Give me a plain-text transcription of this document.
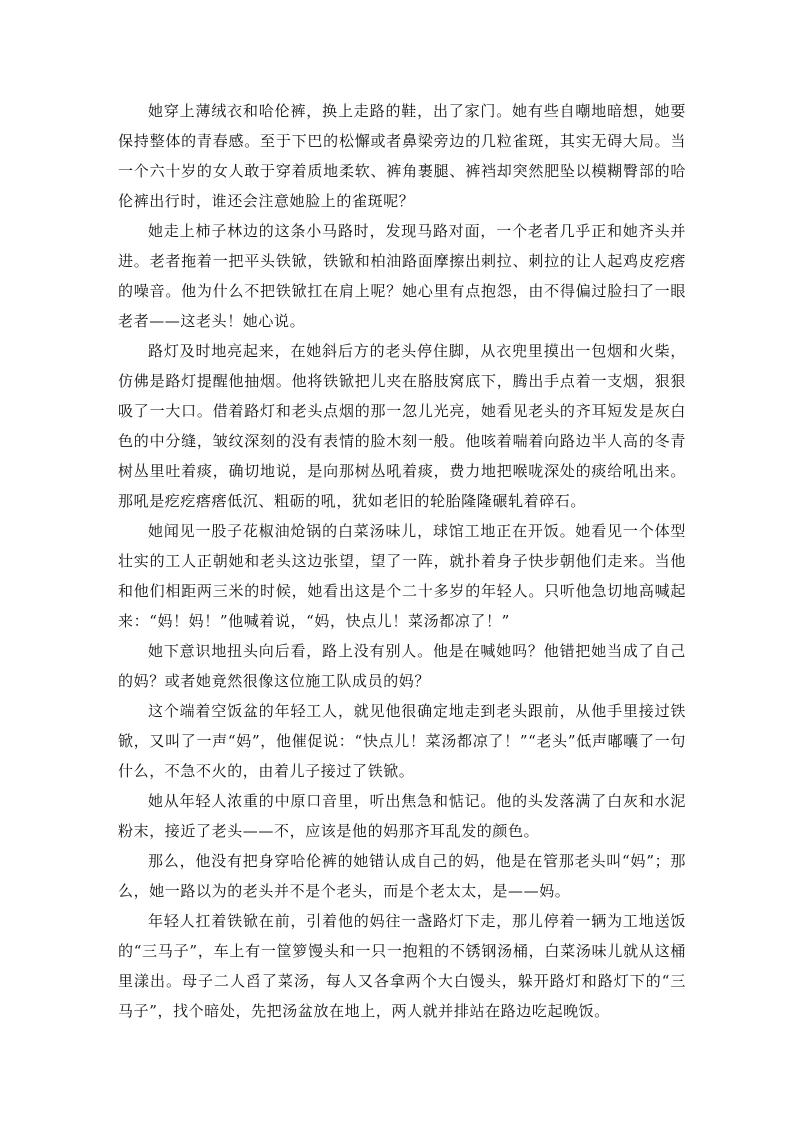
她穿上薄绒衣和哈伦裤，换上走路的鞋，出了家门。她有些自嘲地暗想，她要保持整体的青春感。至于下巴的松懈或者鼻梁旁边的几粒雀斑，其实无碍大局。当一个六十岁的女人敢于穿着质地柔软、裤角裹腿、裤裆却突然肥坠以模糊臀部的哈伦裤出行时，谁还会注意她脸上的雀斑呢？

她走上柿子林边的这条小马路时，发现马路对面，一个老者几乎正和她齐头并进。老者拖着一把平头铁锨，铁锨和柏油路面摩擦出刺拉、刺拉的让人起鸡皮疙瘩的噪音。他为什么不把铁锨扛在肩上呢？她心里有点抱怨，由不得偏过脸扫了一眼老者——这老头！她心说。

路灯及时地亮起来，在她斜后方的老头停住脚，从衣兜里摸出一包烟和火柴，仿佛是路灯提醒他抽烟。他将铁锨把儿夹在胳肢窝底下，腾出手点着一支烟，狠狠吸了一大口。借着路灯和老头点烟的那一忽儿光亮，她看见老头的齐耳短发是灰白色的中分缝，皱纹深刻的没有表情的脸木刻一般。他咳着喘着向路边半人高的冬青树丛里吐着痰，确切地说，是向那树丛吼着痰，费力地把喉咙深处的痰给吼出来。那吼是疙疙瘩瘩低沉、粗砺的吼，犹如老旧的轮胎隆隆碾轧着碎石。

她闻见一股子花椒油炝锅的白菜汤味儿，球馆工地正在开饭。她看见一个体型壮实的工人正朝她和老头这边张望，望了一阵，就扑着身子快步朝他们走来。当他和他们相距两三米的时候，她看出这是个二十多岁的年轻人。只听他急切地高喊起来：“妈！妈！”他喊着说，“妈，快点儿！菜汤都凉了！”

她下意识地扭头向后看，路上没有别人。他是在喊她吗？他错把她当成了自己的妈？或者她竟然很像这位施工队成员的妈？

这个端着空饭盆的年轻工人，就见他很确定地走到老头跟前，从他手里接过铁锨，又叫了一声“妈”，他催促说：“快点儿！菜汤都凉了！”“老头”低声嘟囔了一句什么，不急不火的，由着儿子接过了铁锨。

她从年轻人浓重的中原口音里，听出焦急和惦记。他的头发落满了白灰和水泥粉末，接近了老头——不，应该是他的妈那齐耳乱发的颜色。

那么，他没有把身穿哈伦裤的她错认成自己的妈，他是在管那老头叫“妈”；那么，她一路以为的老头并不是个老头，而是个老太太，是——妈。

年轻人扛着铁锨在前，引着他的妈往一盏路灯下走，那儿停着一辆为工地送饭的“三马子”，车上有一筐箩馒头和一只一抱粗的不锈钢汤桶，白菜汤味儿就从这桶里漾出。母子二人舀了菜汤，每人又各拿两个大白馒头，躲开路灯和路灯下的“三马子”，找个暗处，先把汤盆放在地上，两人就并排站在路边吃起晚饭。
